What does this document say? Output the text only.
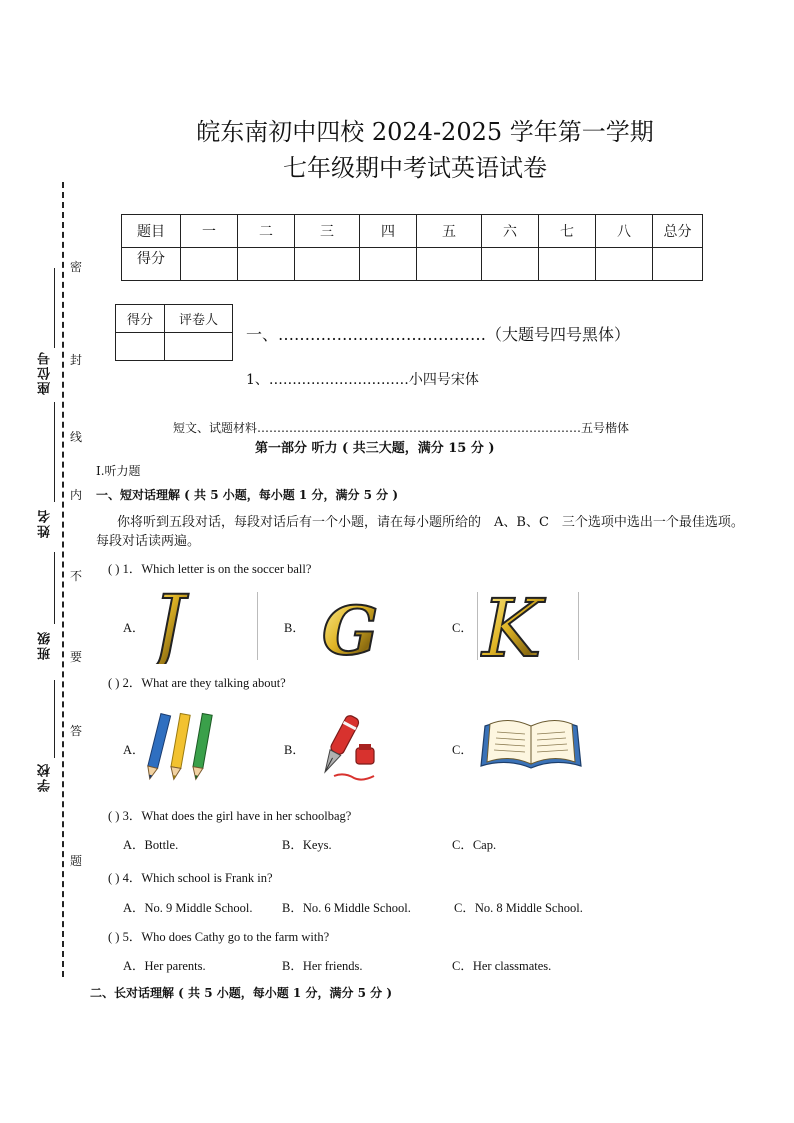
皖东南初中四校 2024-2025 学年第一学期
七年级期中考试英语试卷
密
封
线
内
不
要
答
题
座位号
姓名
班级
学校
题目	一	二	三	四	五	六	七	八	总分
得分									
得分	评卷人

一、…………………………………（大题号四号黑体）
1、…………………………小四号宋体
短文、试题材料………………………………………………………………………五号楷体
第一部分 听力 ( 共三大题，满分 15 分 )
I.听力题
一、短对话理解 ( 共 5 小题，每小题 1 分，满分 5 分 )
你将听到五段对话，每段对话后有一个小题，请在每小题所给的　A、B、C　三个选项中选出一个最佳选项。每段对话读两遍。
( ) 1．Which letter is on the soccer ball?
A． J	B． G	C． K
( ) 2．What are they talking about?
A．	B．	C．
( ) 3．What does the girl have in her schoolbag?
A．Bottle.	B．Keys.	C．Cap.
( ) 4．Which school is Frank in?
A．No. 9 Middle School. B．No. 6 Middle School.	C．No. 8 Middle School.
( ) 5．Who does Cathy go to the farm with?
A．Her parents.	B．Her friends.	C．Her classmates.
二、长对话理解 ( 共 5 小题，每小题 1 分，满分 5 分 )
